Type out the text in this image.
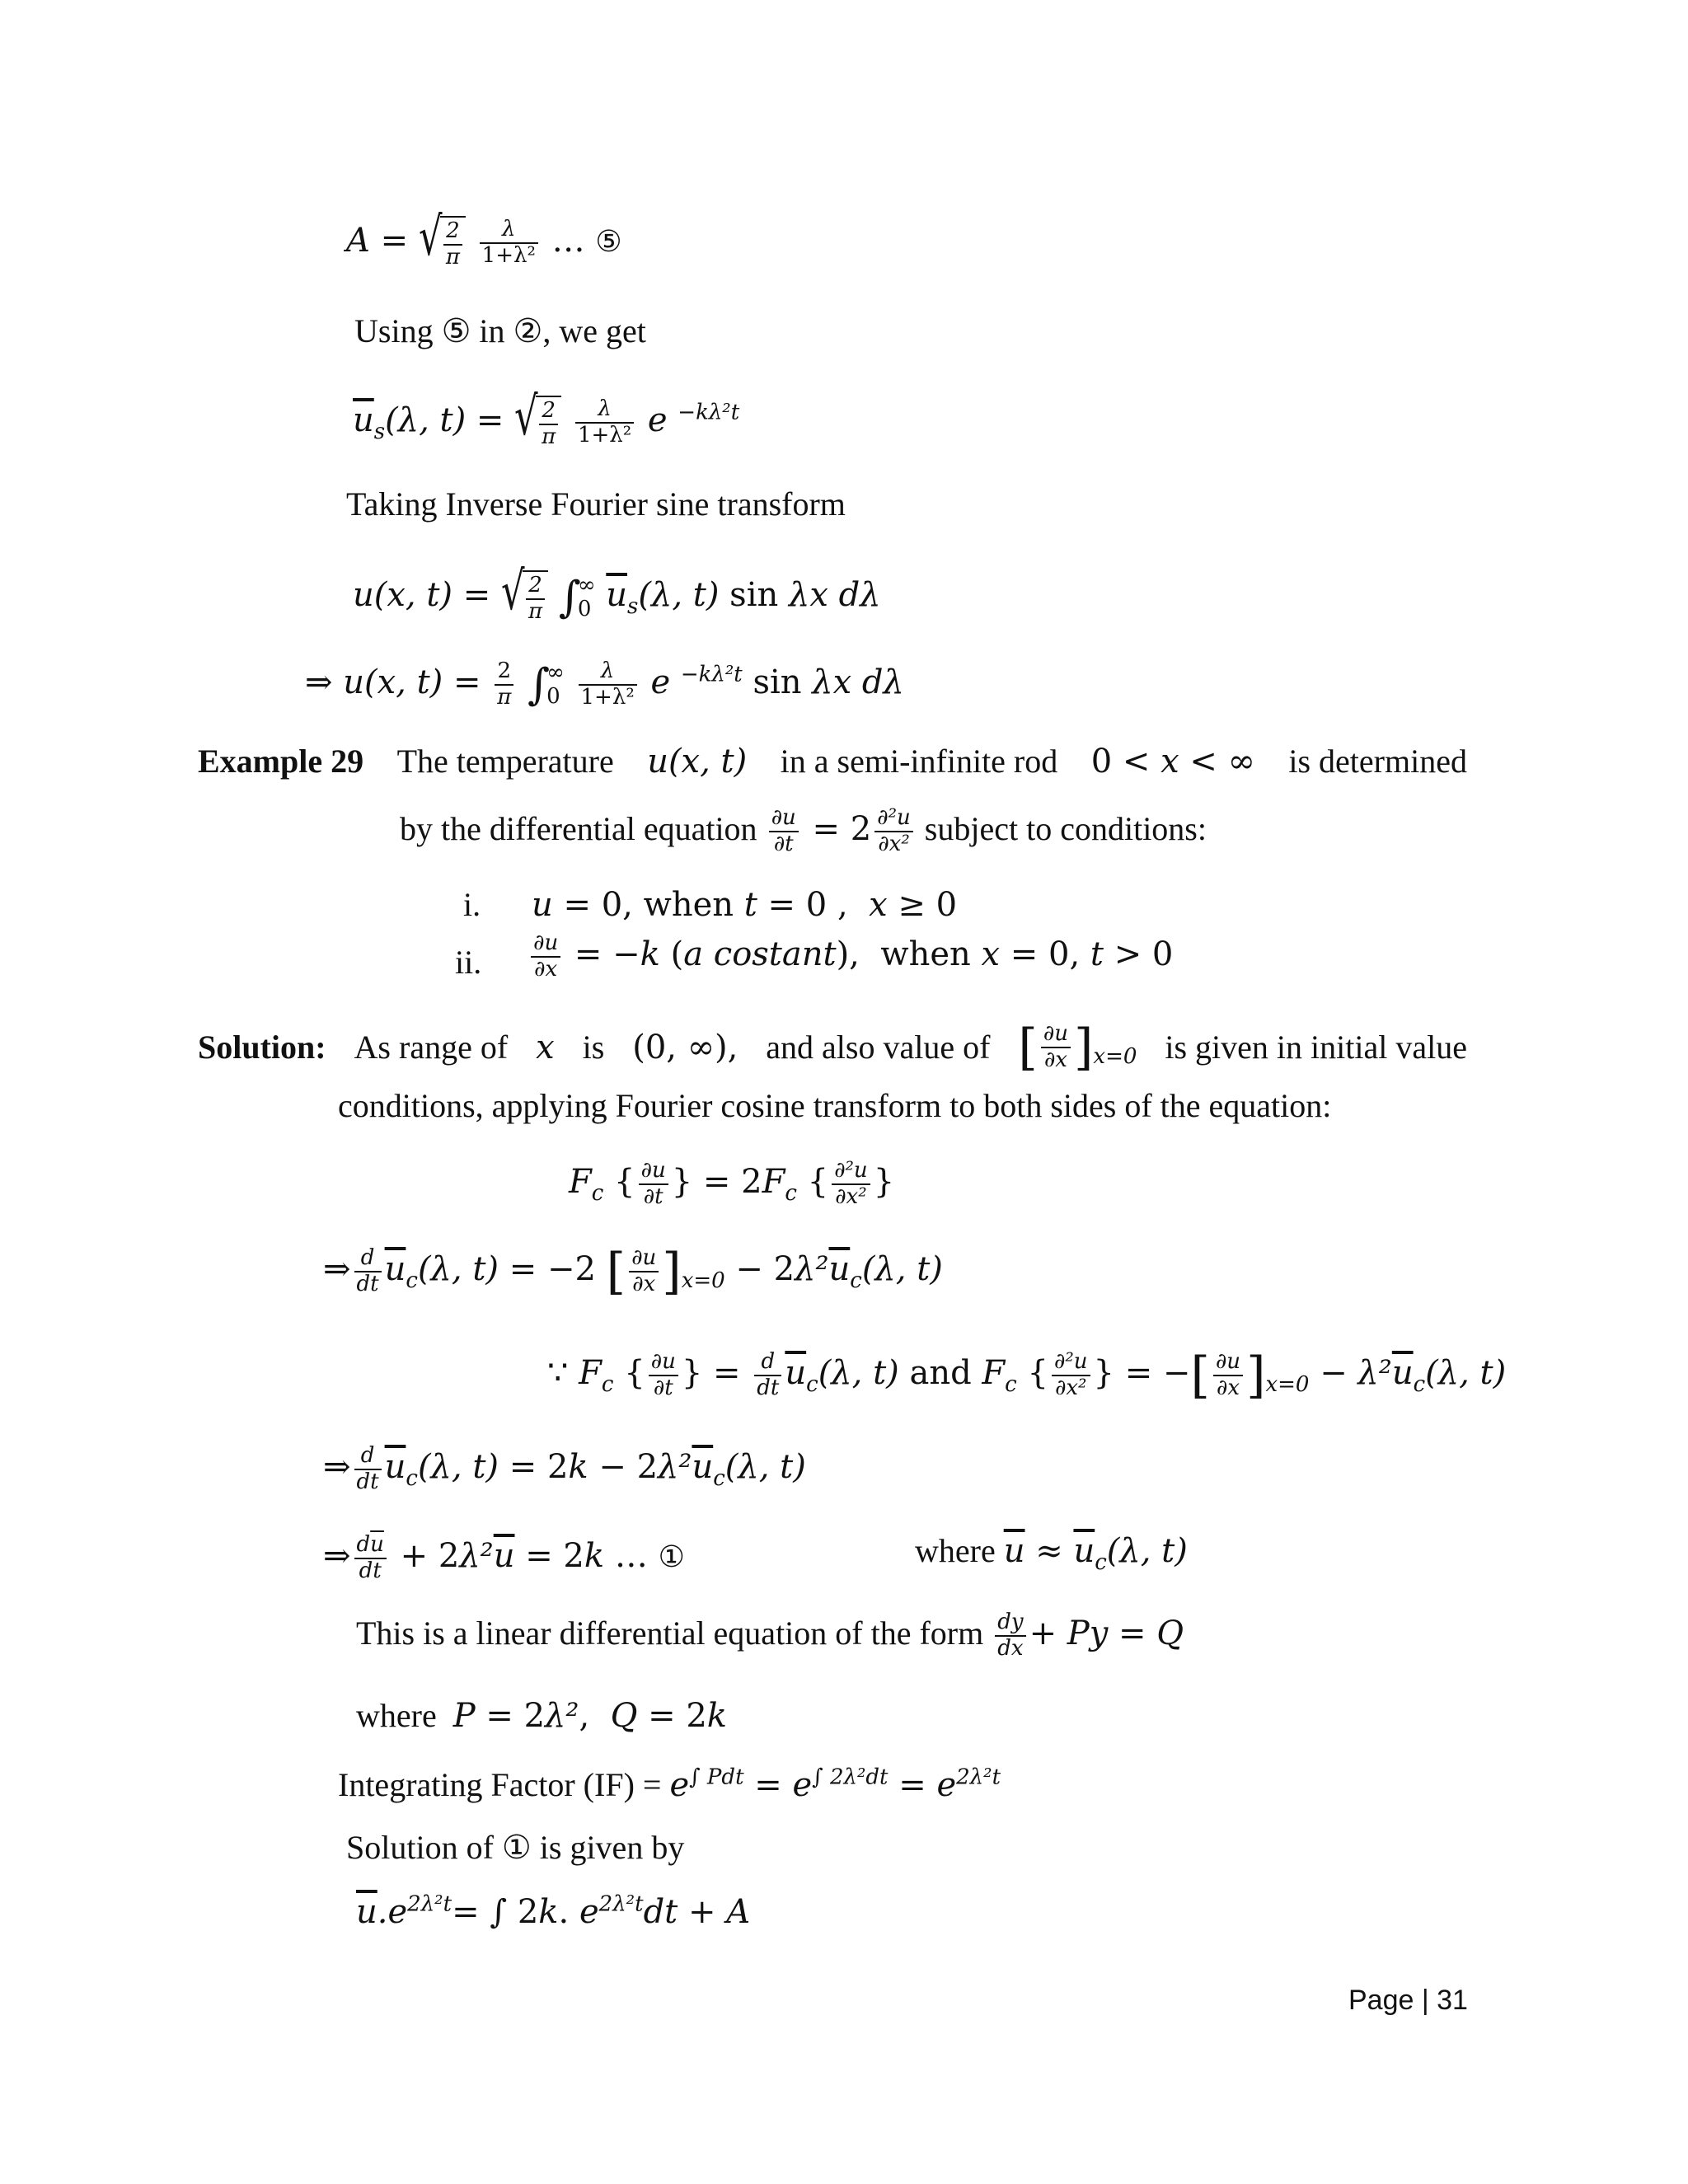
A = √ $\frac{2}{\pi}$
$\frac{\lambda}{\text{1+λ²}}$ … ⑤
Using ⑤ in ②, we get
$\overline{u}_s(\lambda$, t) = √ $\frac{2}{\pi}$
$\frac{\lambda}{\text{1+λ²}}$ e $^{-k\lambda^2t}$
Taking Inverse Fourier sine transform
u(x, t) = √ $\frac{2}{\pi}$ ∫
∞
0 $\overline{u}_s(\lambda$, t) sin λx dλ
⇒ u(x, $t) = \frac{2}{\pi}$ ∫
∞
0
$\frac{\lambda}{\text{1+λ²}}$ e $^{-k\lambda^2t}$ sin λx dλ
Example 29 The temperature u(x, t) in a semi-infinite rod 0 < x < ∞ is determined
by the differential equation $\frac{\partial u}{\partial t} = 2 \frac{\text{∂²u}}{\text{∂x²}}$ subject to conditions:
i. u = 0, when t = 0 ,  x ≥ 0
ii. $\frac{\partial u}{\partial x} = -k$ (a costant), when x = 0, t > 0
Solution: As range of x is (0, ∞), and also value of [ $\frac{\partial u}{\partial x} ]_{x=0}$ is given in initial value
conditions, applying Fourier cosine transform to both sides of the equation:
$F_c$ { $\frac{\partial u}{\partial t}$ } = $2F_c$ { $\frac{\text{∂²u}}{\text{∂x²}}$ }
⇒ $\frac{d}{dt} \overline{u}_c(\lambda$, t) = −2 [ $\frac{\partial u}{\partial x} ]_{x=0} - 2\lambda^2\overline{u}_c(\lambda$, t)
∵ $F_c$ { $\frac{\partial u}{\partial t}$ } = $\frac{d}{dt} \overline{u}_c(\lambda$, t) and $F_c$ { $\frac{\text{∂²u}}{\text{∂x²}}$ } = −[ $\frac{\partial u}{\partial x} ]_{x=0} - \lambda^2\overline{u}_c(\lambda$, t)
⇒ $\frac{d}{dt} \overline{u}_c(\lambda$, $t) = 2k - 2\lambda^2\overline{u}_c(\lambda$, t)
⇒ $\frac{d\overline{u}}{dt} + 2\lambda^2\overline{u} = 2k$ … ①	where $\overline{u} \approx \overline{u}_c(\lambda$, t)
This is a linear differential equation of the form $\frac{dy}{dx} + Py = Q$
where P = 2λ²,  Q = 2k
Integrating Factor $(IF) = e^{\int Pdt} = e^{\int 2\lambda^2dt} = e^{2\lambda^2t}$
Solution of ① is given by
$\overline{u}.e^{2\lambda^2t}=$ ∫ 2k. $e^{2\lambda^2t}dt + A$
Page | 31
